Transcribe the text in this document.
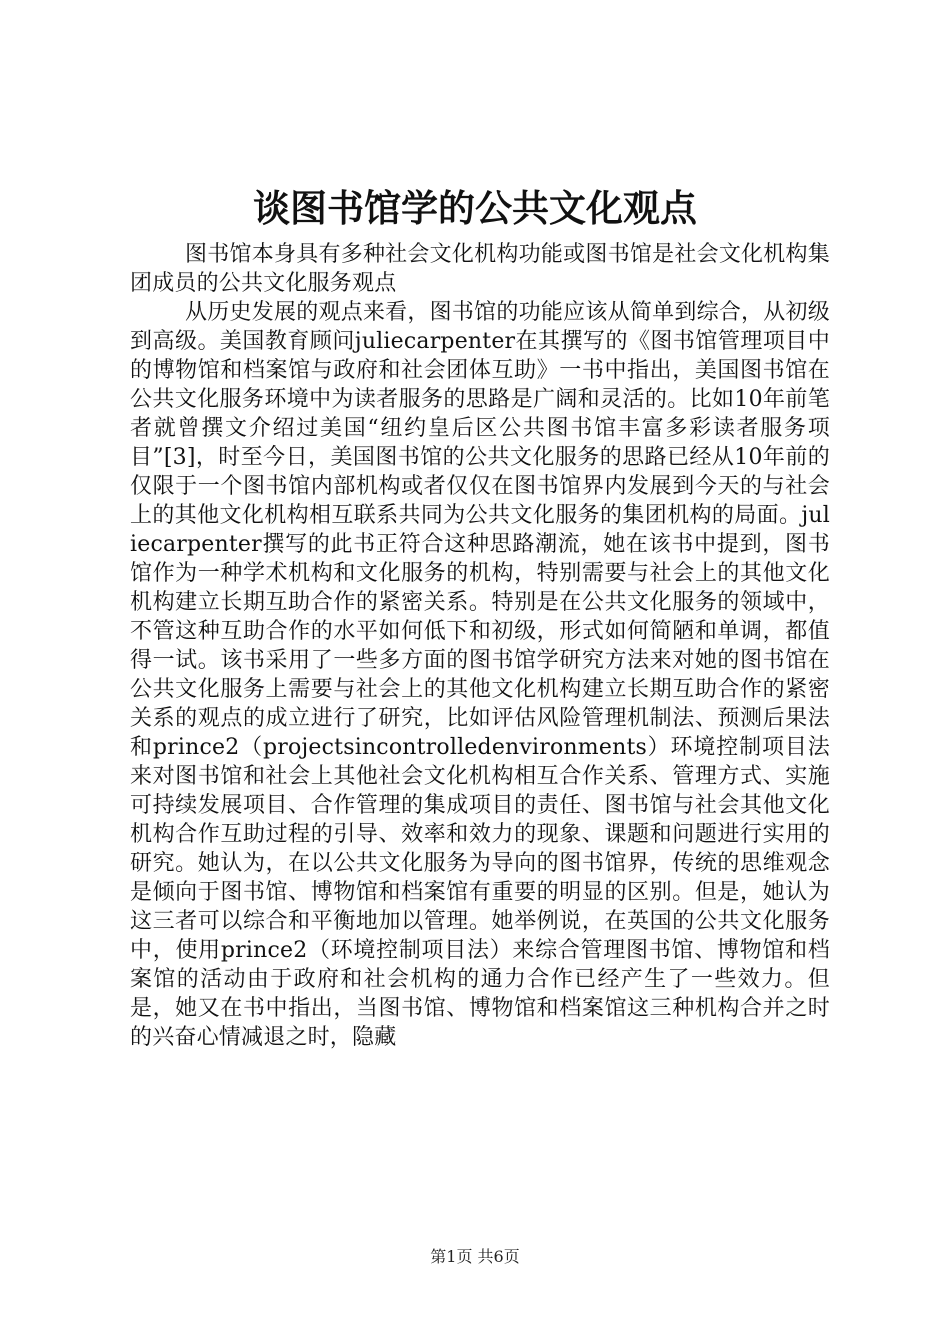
谈图书馆学的公共文化观点

图书馆本身具有多种社会文化机构功能或图书馆是社会文化机构集团成员的公共文化服务观点

从历史发展的观点来看，图书馆的功能应该从简单到综合，从初级到高级。美国教育顾问juliecarpenter在其撰写的《图书馆管理项目中的博物馆和档案馆与政府和社会团体互助》一书中指出，美国图书馆在公共文化服务环境中为读者服务的思路是广阔和灵活的。比如10年前笔者就曾撰文介绍过美国“纽约皇后区公共图书馆丰富多彩读者服务项目”[3]，时至今日，美国图书馆的公共文化服务的思路已经从10年前的仅限于一个图书馆内部机构或者仅仅在图书馆界内发展到今天的与社会上的其他文化机构相互联系共同为公共文化服务的集团机构的局面。juliecarpenter撰写的此书正符合这种思路潮流，她在该书中提到，图书馆作为一种学术机构和文化服务的机构，特别需要与社会上的其他文化机构建立长期互助合作的紧密关系。特别是在公共文化服务的领域中，不管这种互助合作的水平如何低下和初级，形式如何简陋和单调，都值得一试。该书采用了一些多方面的图书馆学研究方法来对她的图书馆在公共文化服务上需要与社会上的其他文化机构建立长期互助合作的紧密关系的观点的成立进行了研究，比如评估风险管理机制法、预测后果法和prince2（projectsincontrolledenvironments）环境控制项目法来对图书馆和社会上其他社会文化机构相互合作关系、管理方式、实施可持续发展项目、合作管理的集成项目的责任、图书馆与社会其他文化机构合作互助过程的引导、效率和效力的现象、课题和问题进行实用的研究。她认为，在以公共文化服务为导向的图书馆界，传统的思维观念是倾向于图书馆、博物馆和档案馆有重要的明显的区别。但是，她认为这三者可以综合和平衡地加以管理。她举例说，在英国的公共文化服务中，使用prince2（环境控制项目法）来综合管理图书馆、博物馆和档案馆的活动由于政府和社会机构的通力合作已经产生了一些效力。但是，她又在书中指出，当图书馆、博物馆和档案馆这三种机构合并之时的兴奋心情减退之时，隐藏

第1页 共6页
